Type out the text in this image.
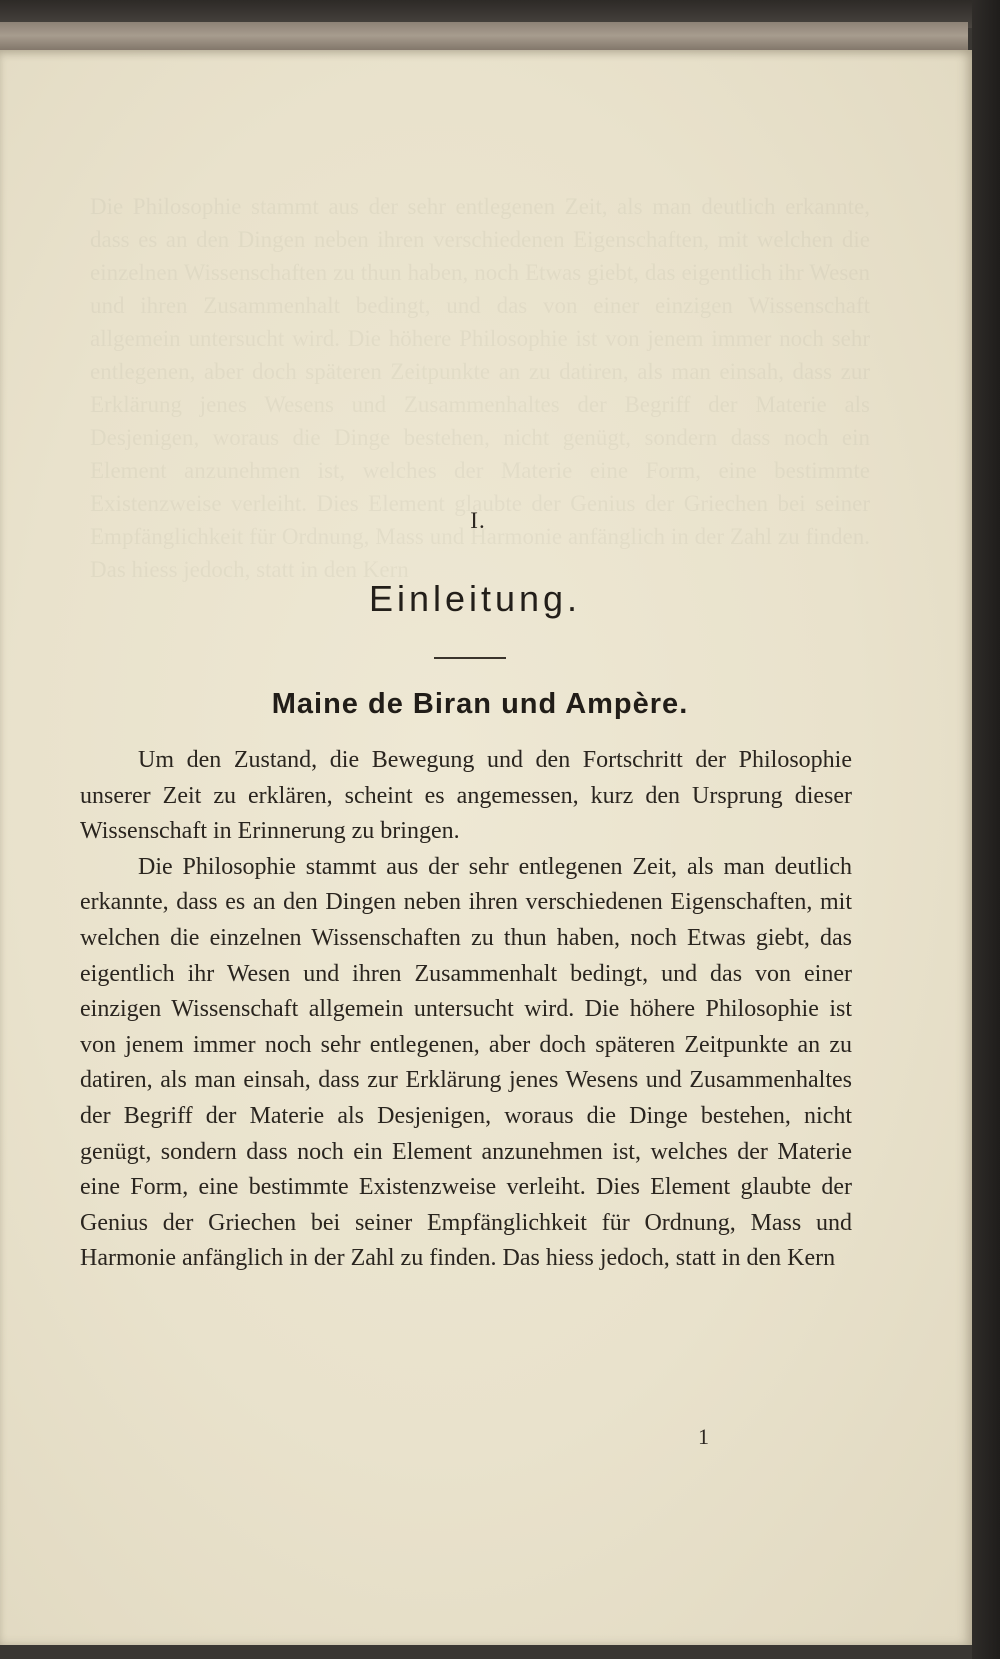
I.
Einleitung.
Maine de Biran und Ampère.

Um den Zustand, die Bewegung und den Fortschritt der Philosophie unserer Zeit zu erklären, scheint es angemessen, kurz den Ursprung dieser Wissenschaft in Erinnerung zu bringen.

Die Philosophie stammt aus der sehr entlegenen Zeit, als man deutlich erkannte, dass es an den Dingen neben ihren verschiedenen Eigenschaften, mit welchen die einzelnen Wissenschaften zu thun haben, noch Etwas giebt, das eigentlich ihr Wesen und ihren Zusammenhalt bedingt, und das von einer einzigen Wissenschaft allgemein untersucht wird. Die höhere Philosophie ist von jenem immer noch sehr entlegenen, aber doch späteren Zeitpunkte an zu datiren, als man einsah, dass zur Erklärung jenes Wesens und Zusammenhaltes der Begriff der Materie als Desjenigen, woraus die Dinge bestehen, nicht genügt, sondern dass noch ein Element anzunehmen ist, welches der Materie eine Form, eine bestimmte Existenzweise verleiht. Dies Element glaubte der Genius der Griechen bei seiner Empfänglichkeit für Ordnung, Mass und Harmonie anfänglich in der Zahl zu finden. Das hiess jedoch, statt in den Kern

1
